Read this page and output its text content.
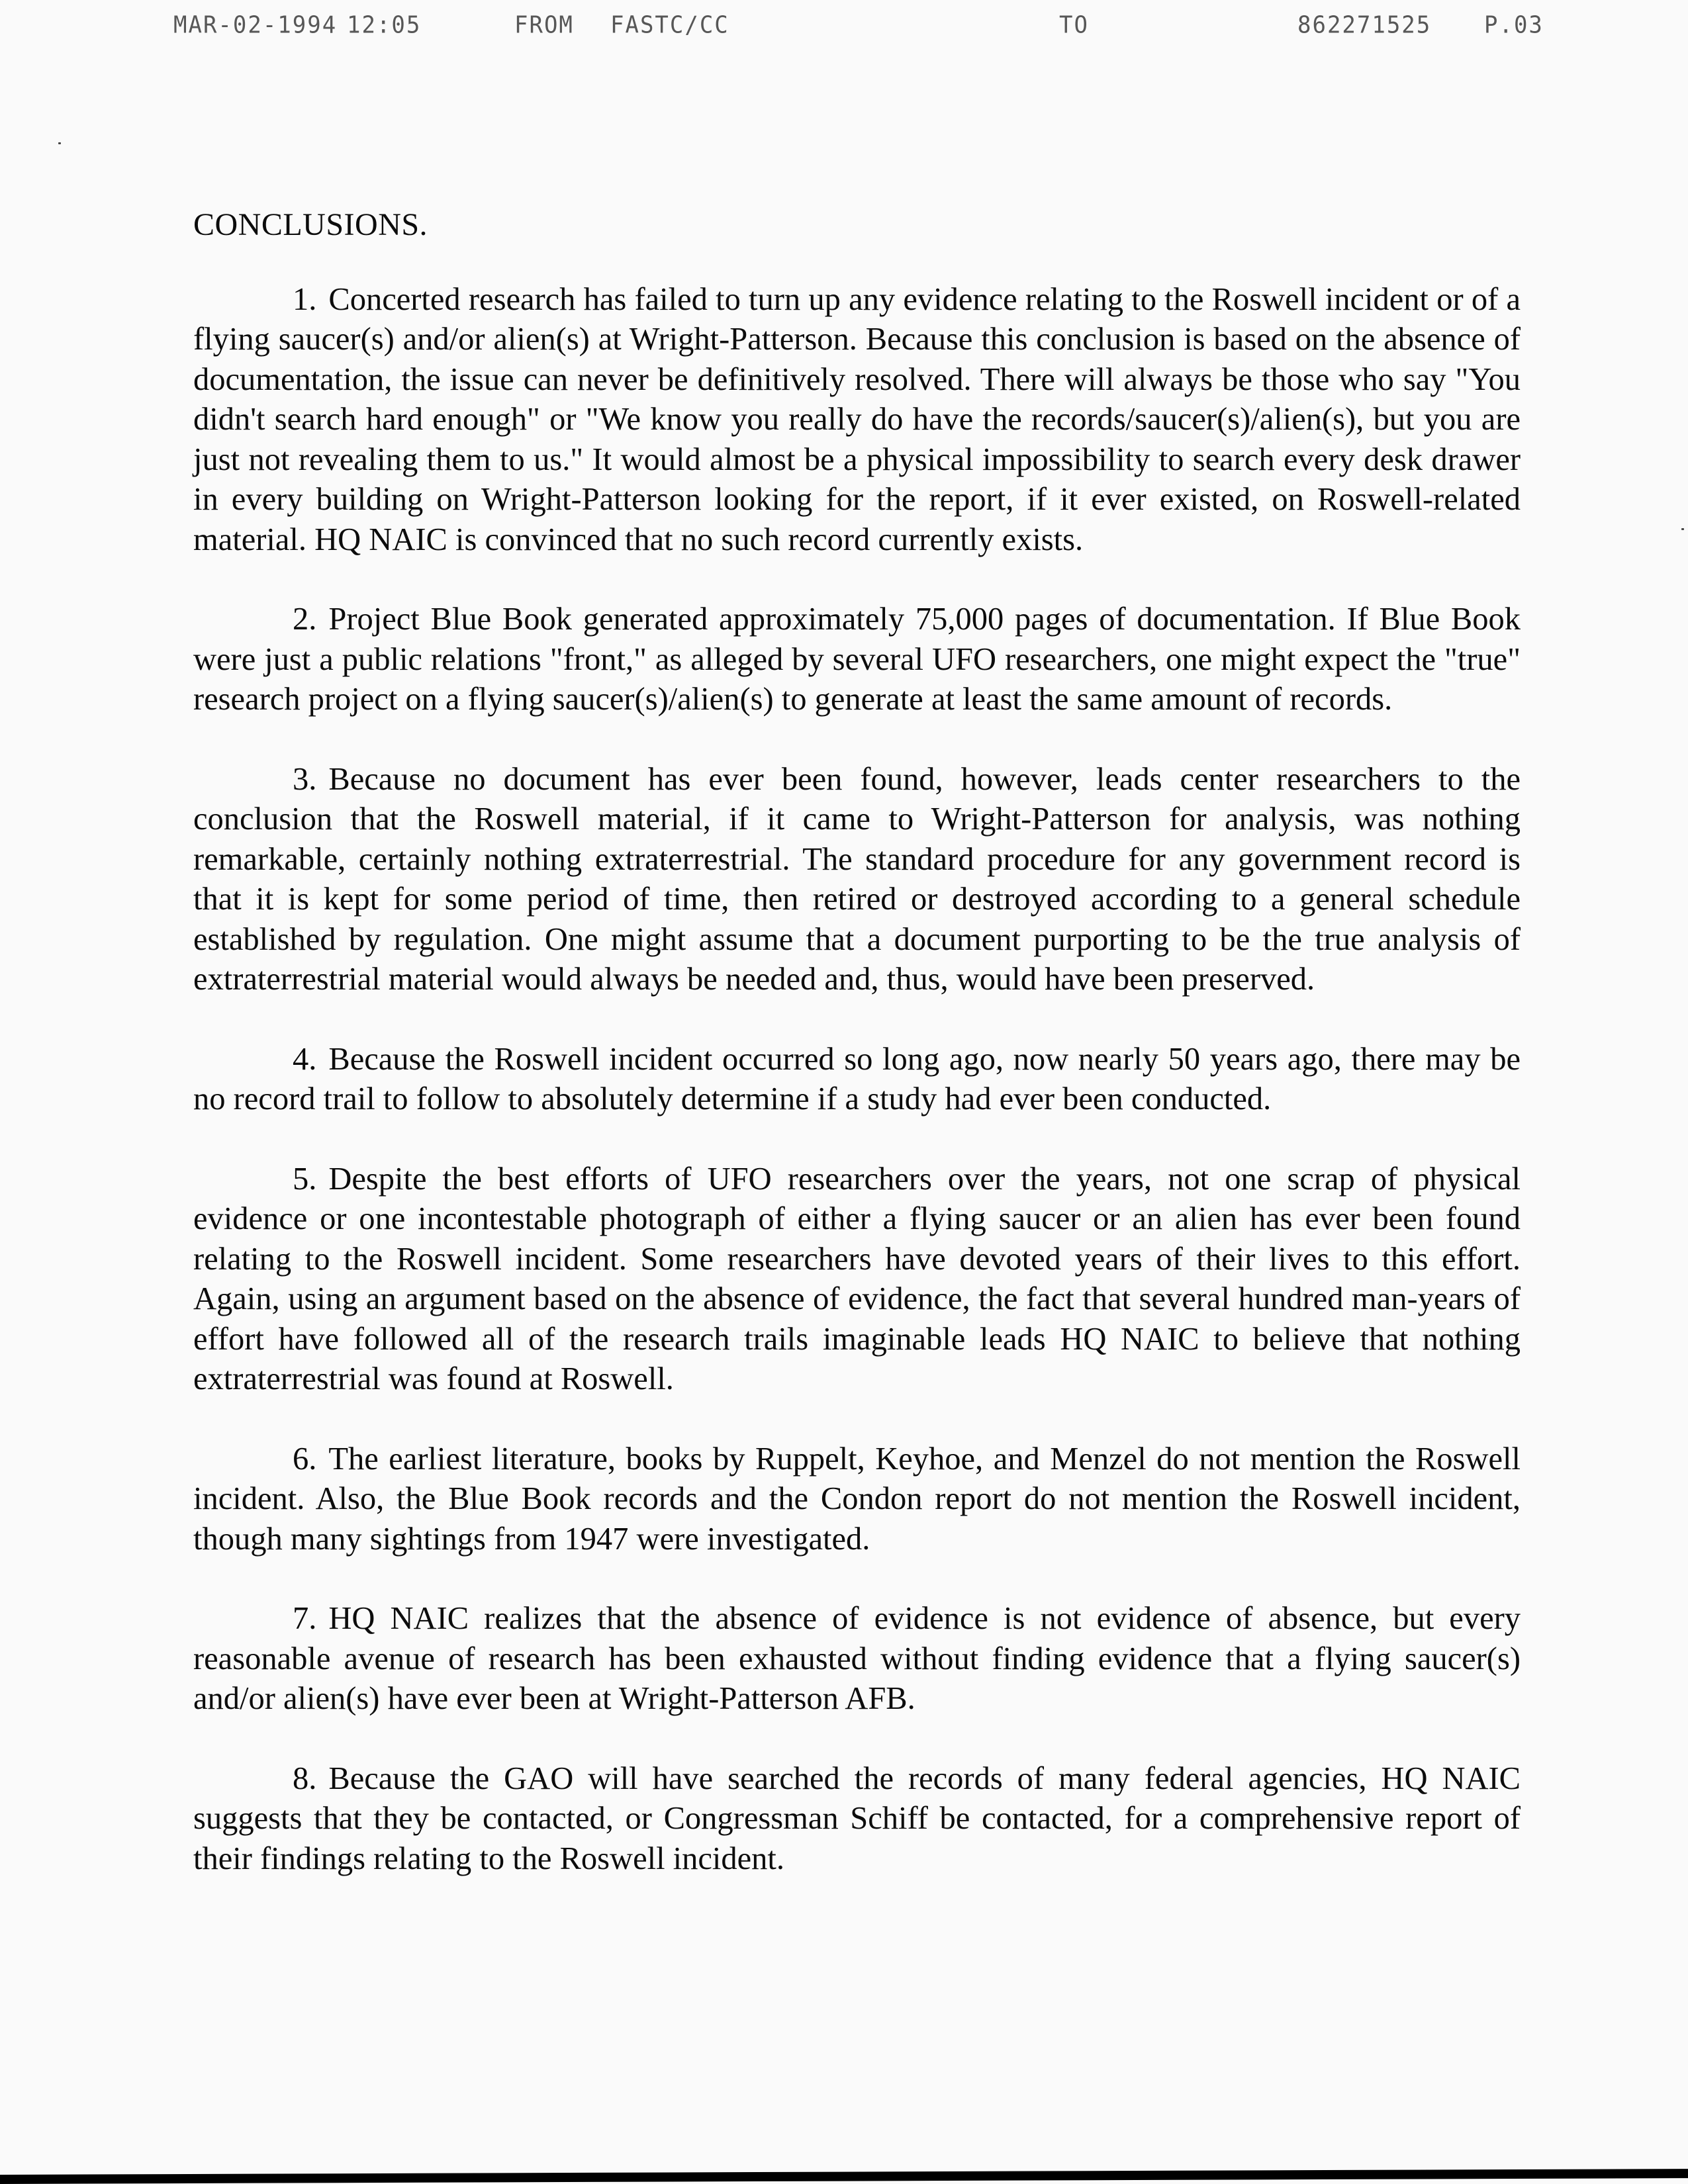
MAR-02-1994 12:05	FROM FASTC/CC	TO	862271525 P.03
CONCLUSIONS.

1. Concerted research has failed to turn up any evidence relating to the Roswell incident or of a flying saucer(s) and/or alien(s) at Wright-Patterson. Because this conclusion is based on the absence of documentation, the issue can never be definitively resolved. There will always be those who say "You didn't search hard enough" or "We know you really do have the records/saucer(s)/alien(s), but you are just not revealing them to us." It would almost be a physical impossibility to search every desk drawer in every building on Wright-Patterson looking for the report, if it ever existed, on Roswell-related material. HQ NAIC is convinced that no such record currently exists.

2. Project Blue Book generated approximately 75,000 pages of documentation. If Blue Book were just a public relations "front," as alleged by several UFO researchers, one might expect the "true" research project on a flying saucer(s)/alien(s) to generate at least the same amount of records.

3. Because no document has ever been found, however, leads center researchers to the conclusion that the Roswell material, if it came to Wright-Patterson for analysis, was nothing remarkable, certainly nothing extraterrestrial. The standard procedure for any government record is that it is kept for some period of time, then retired or destroyed according to a general schedule established by regulation. One might assume that a document purporting to be the true analysis of extraterrestrial material would always be needed and, thus, would have been preserved.

4. Because the Roswell incident occurred so long ago, now nearly 50 years ago, there may be no record trail to follow to absolutely determine if a study had ever been conducted.

5. Despite the best efforts of UFO researchers over the years, not one scrap of physical evidence or one incontestable photograph of either a flying saucer or an alien has ever been found relating to the Roswell incident. Some researchers have devoted years of their lives to this effort. Again, using an argument based on the absence of evidence, the fact that several hundred man-years of effort have followed all of the research trails imaginable leads HQ NAIC to believe that nothing extraterrestrial was found at Roswell.

6. The earliest literature, books by Ruppelt, Keyhoe, and Menzel do not mention the Roswell incident. Also, the Blue Book records and the Condon report do not mention the Roswell incident, though many sightings from 1947 were investigated.

7. HQ NAIC realizes that the absence of evidence is not evidence of absence, but every reasonable avenue of research has been exhausted without finding evidence that a flying saucer(s) and/or alien(s) have ever been at Wright-Patterson AFB.

8. Because the GAO will have searched the records of many federal agencies, HQ NAIC suggests that they be contacted, or Congressman Schiff be contacted, for a comprehensive report of their findings relating to the Roswell incident.
